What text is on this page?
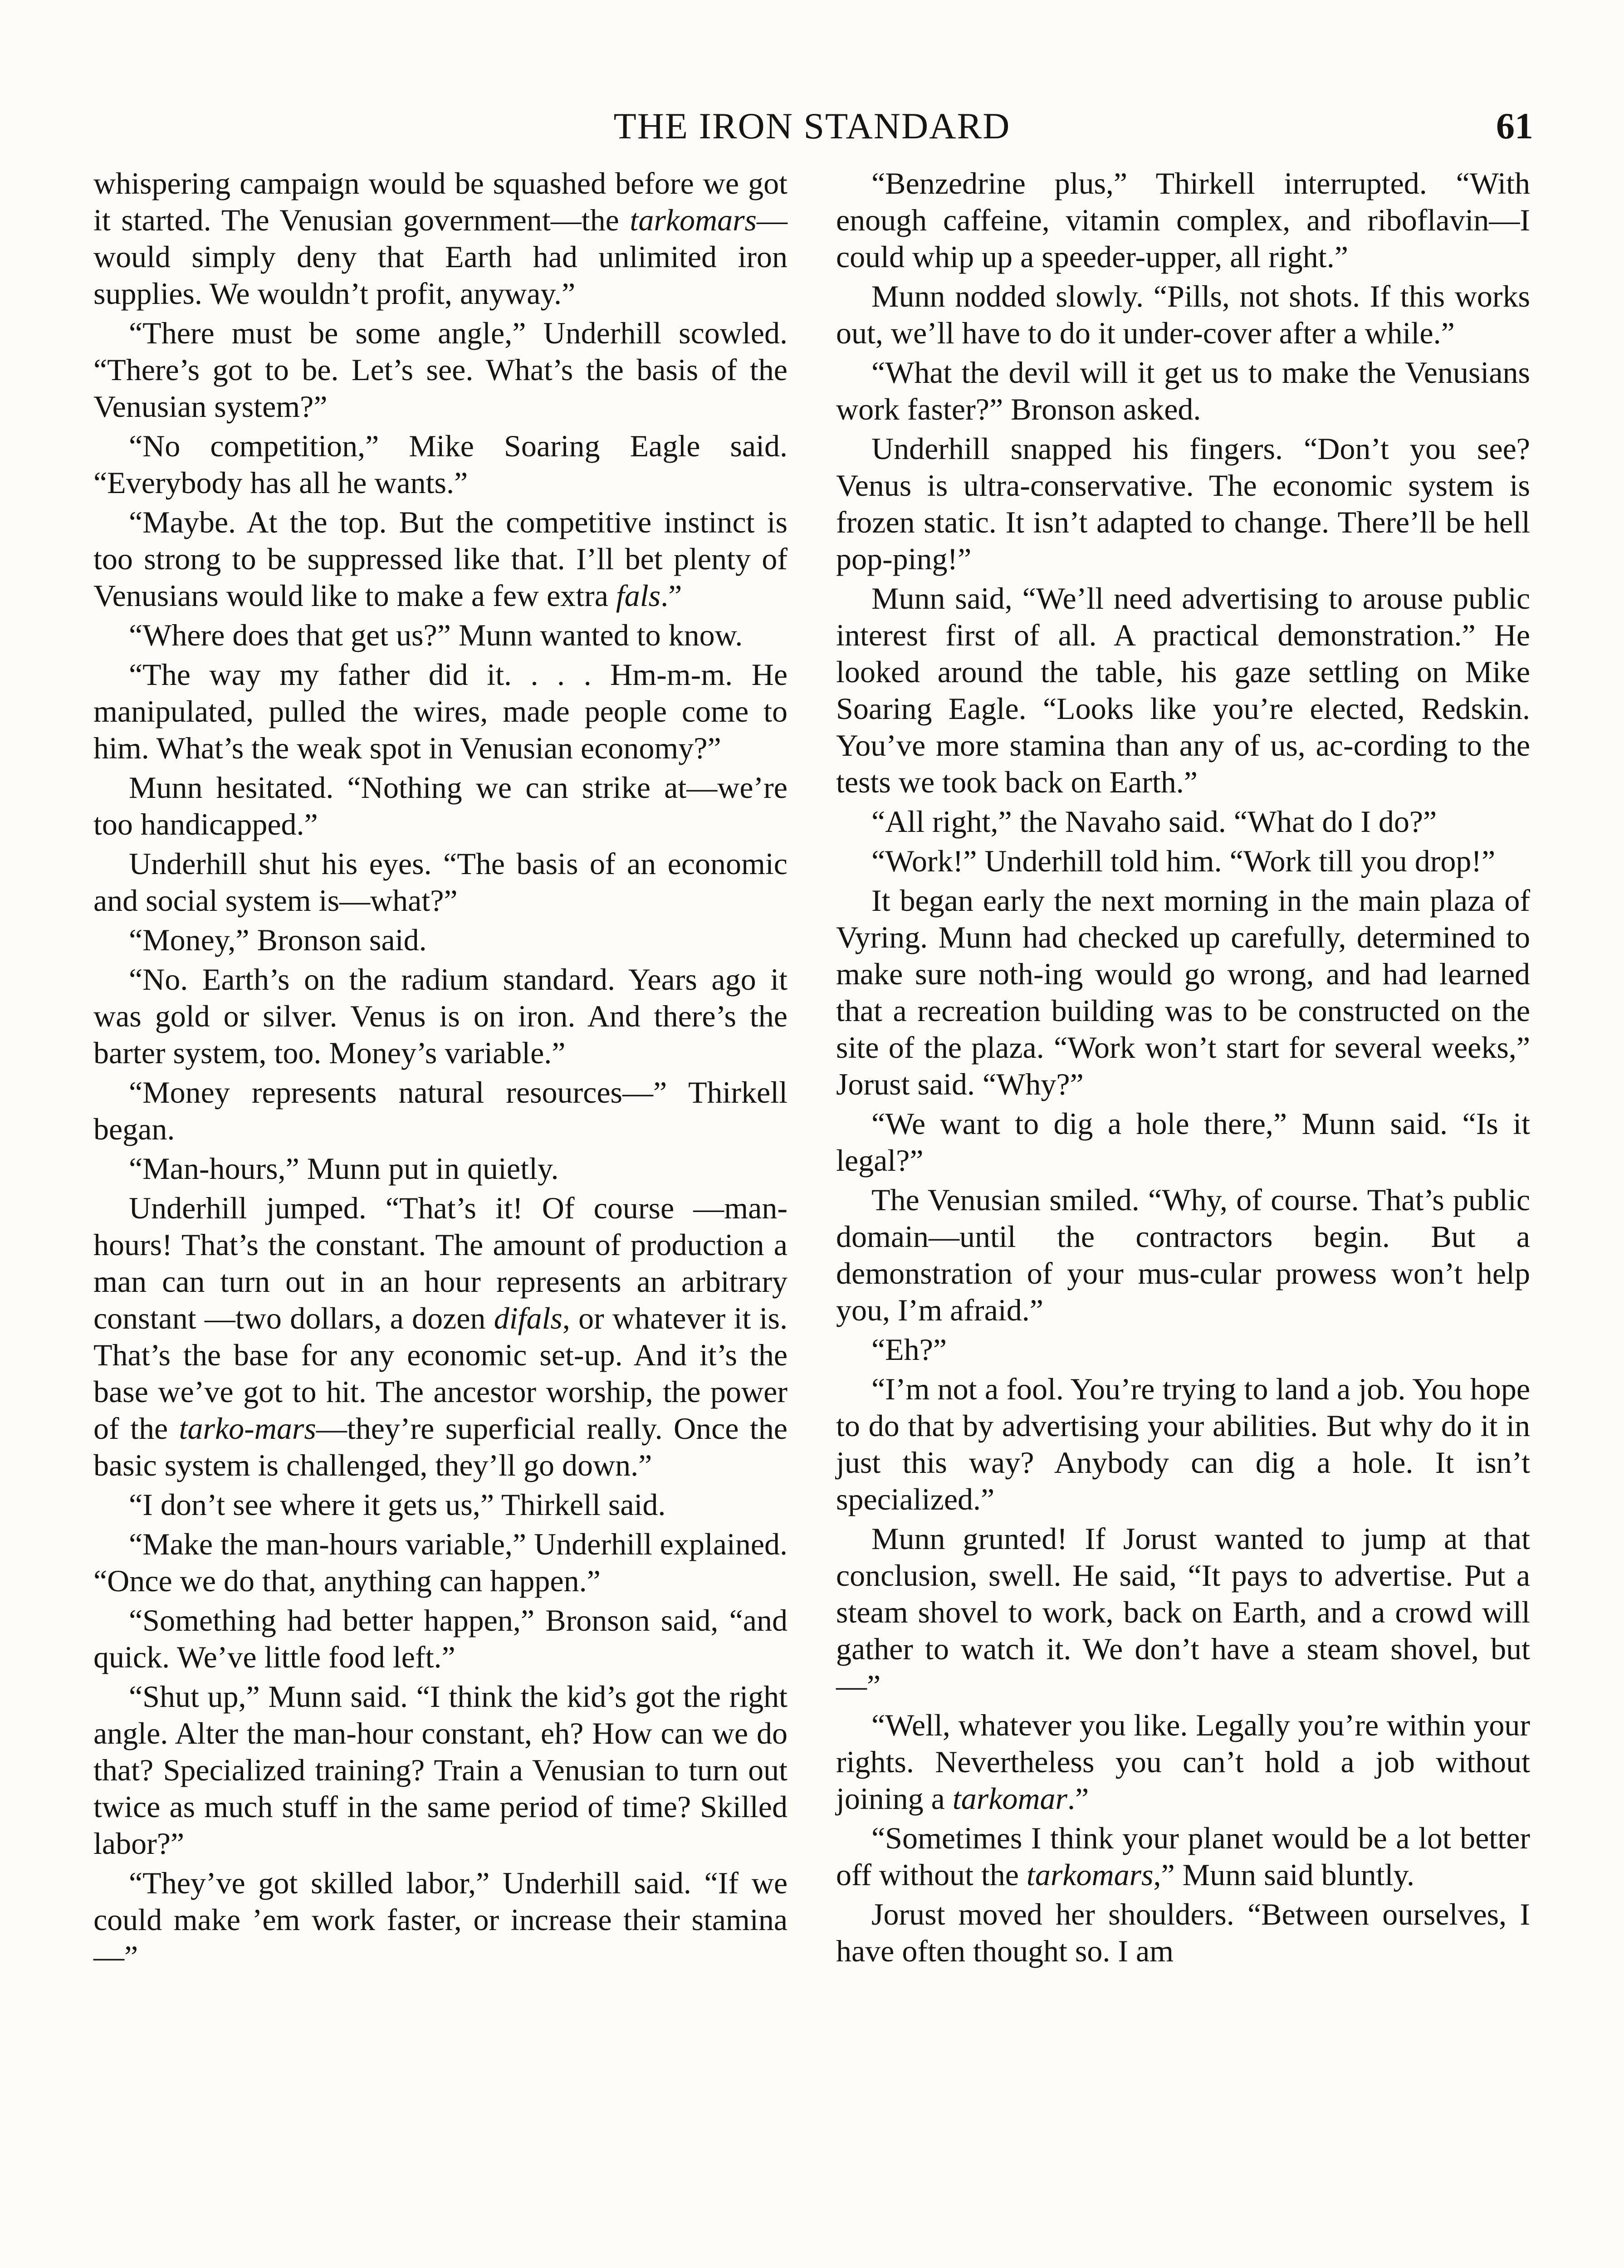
THE IRON STANDARD	61

whispering campaign would be squashed before we got it started. The Venusian government—the tarkomars—would simply deny that Earth had unlimited iron supplies. We wouldn’t profit, anyway.”

“There must be some angle,” Underhill scowled. “There’s got to be. Let’s see. What’s the basis of the Venusian system?”

“No competition,” Mike Soaring Eagle said. “Everybody has all he wants.”

“Maybe. At the top. But the competitive instinct is too strong to be suppressed like that. I’ll bet plenty of Venusians would like to make a few extra fals.”

“Where does that get us?” Munn wanted to know.

“The way my father did it. . . . Hm-m-m. He manipulated, pulled the wires, made people come to him. What’s the weak spot in Venusian economy?”

Munn hesitated. “Nothing we can strike at—we’re too handicapped.”

Underhill shut his eyes. “The basis of an economic and social system is—what?”

“Money,” Bronson said.

“No. Earth’s on the radium standard. Years ago it was gold or silver. Venus is on iron. And there’s the barter system, too. Money’s variable.”

“Money represents natural resources—” Thirkell began.

“Man-hours,” Munn put in quietly.

Underhill jumped. “That’s it! Of course —man-hours! That’s the constant. The amount of production a man can turn out in an hour represents an arbitrary constant —two dollars, a dozen difals, or whatever it is. That’s the base for any economic set-up. And it’s the base we’ve got to hit. The ancestor worship, the power of the tarko-mars—they’re superficial really. Once the basic system is challenged, they’ll go down.”

“I don’t see where it gets us,” Thirkell said.

“Make the man-hours variable,” Underhill explained. “Once we do that, anything can happen.”

“Something had better happen,” Bronson said, “and quick. We’ve little food left.”

“Shut up,” Munn said. “I think the kid’s got the right angle. Alter the man-hour constant, eh? How can we do that? Specialized training? Train a Venusian to turn out twice as much stuff in the same period of time? Skilled labor?”

“They’ve got skilled labor,” Underhill said. “If we could make ’em work faster, or increase their stamina—”

“Benzedrine plus,” Thirkell interrupted. “With enough caffeine, vitamin complex, and riboflavin—I could whip up a speeder-upper, all right.”

Munn nodded slowly. “Pills, not shots. If this works out, we’ll have to do it under-cover after a while.”

“What the devil will it get us to make the Venusians work faster?” Bronson asked.

Underhill snapped his fingers. “Don’t you see? Venus is ultra-conservative. The economic system is frozen static. It isn’t adapted to change. There’ll be hell pop-ping!”

Munn said, “We’ll need advertising to arouse public interest first of all. A practical demonstration.” He looked around the table, his gaze settling on Mike Soaring Eagle. “Looks like you’re elected, Redskin. You’ve more stamina than any of us, ac-cording to the tests we took back on Earth.”

“All right,” the Navaho said. “What do I do?”

“Work!” Underhill told him. “Work till you drop!”

It began early the next morning in the main plaza of Vyring. Munn had checked up carefully, determined to make sure noth-ing would go wrong, and had learned that a recreation building was to be constructed on the site of the plaza. “Work won’t start for several weeks,” Jorust said. “Why?”

“We want to dig a hole there,” Munn said. “Is it legal?”

The Venusian smiled. “Why, of course. That’s public domain—until the contractors begin. But a demonstration of your mus-cular prowess won’t help you, I’m afraid.”

“Eh?”

“I’m not a fool. You’re trying to land a job. You hope to do that by advertising your abilities. But why do it in just this way? Anybody can dig a hole. It isn’t specialized.”

Munn grunted! If Jorust wanted to jump at that conclusion, swell. He said, “It pays to advertise. Put a steam shovel to work, back on Earth, and a crowd will gather to watch it. We don’t have a steam shovel, but—”

“Well, whatever you like. Legally you’re within your rights. Nevertheless you can’t hold a job without joining a tarkomar.”

“Sometimes I think your planet would be a lot better off without the tarkomars,” Munn said bluntly.

Jorust moved her shoulders. “Between ourselves, I have often thought so. I am
